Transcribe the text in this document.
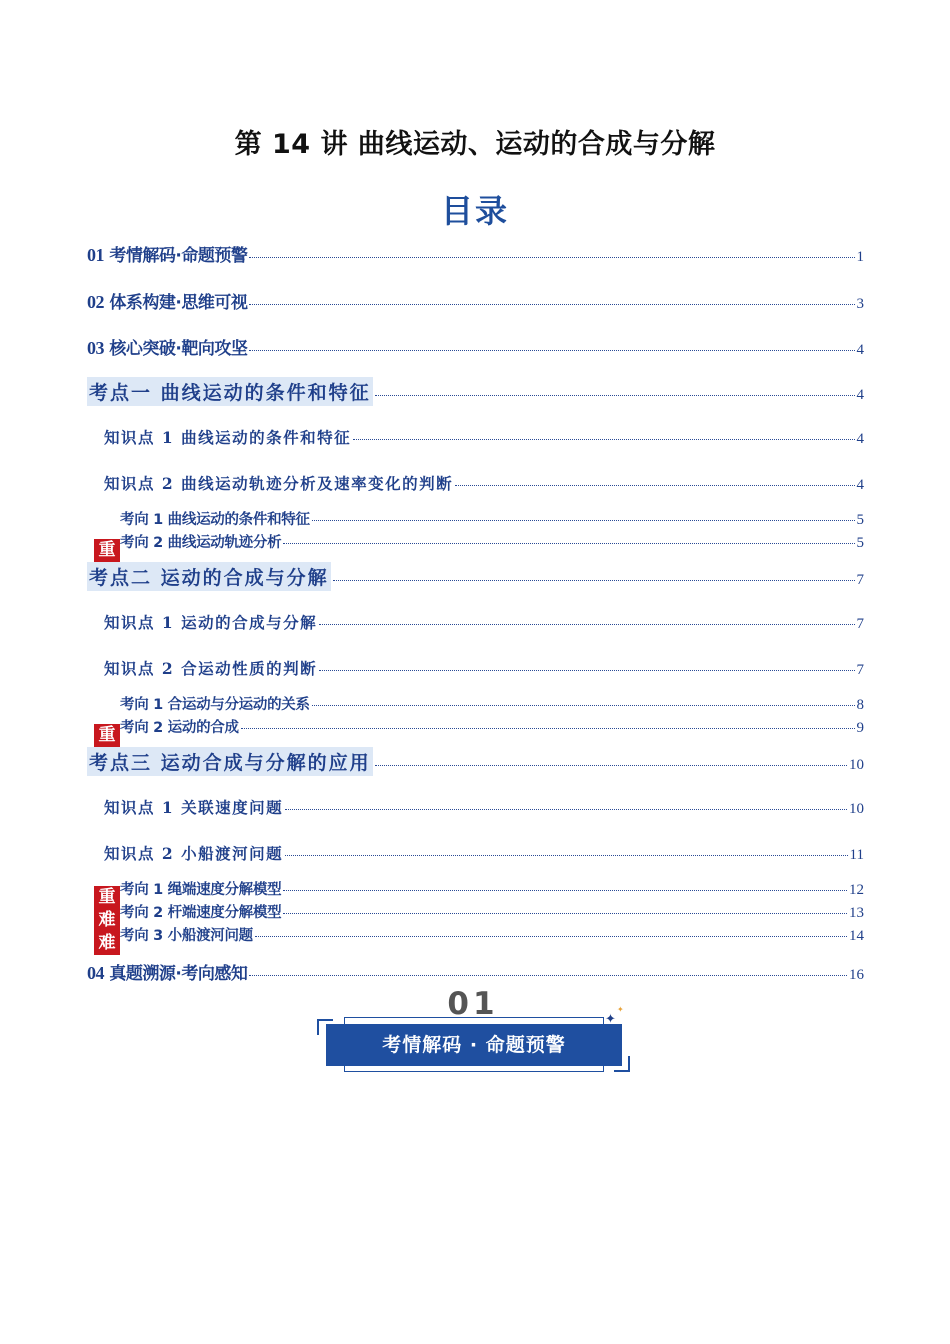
第 14 讲 曲线运动、运动的合成与分解
目录
01 考情解码·命题预警	1
02 体系构建·思维可视	3
03 核心突破·靶向攻坚	4
考点一 曲线运动的条件和特征	4
知识点 1 曲线运动的条件和特征	4
知识点 2 曲线运动轨迹分析及速率变化的判断	4
考向 1 曲线运动的条件和特征	5
考向 2 曲线运动轨迹分析	5
重
考点二 运动的合成与分解	7
知识点 1 运动的合成与分解	7
知识点 2 合运动性质的判断	7
考向 1 合运动与分运动的关系	8
考向 2 运动的合成	9
重
考点三 运动合成与分解的应用	10
知识点 1 关联速度问题	10
知识点 2 小船渡河问题	11
考向 1 绳端速度分解模型	12
考向 2 杆端速度分解模型	13
考向 3 小船渡河问题	14
重
难
难
04 真题溯源·考向感知	16
01
考情解码 · 命题预警
✦
✦
